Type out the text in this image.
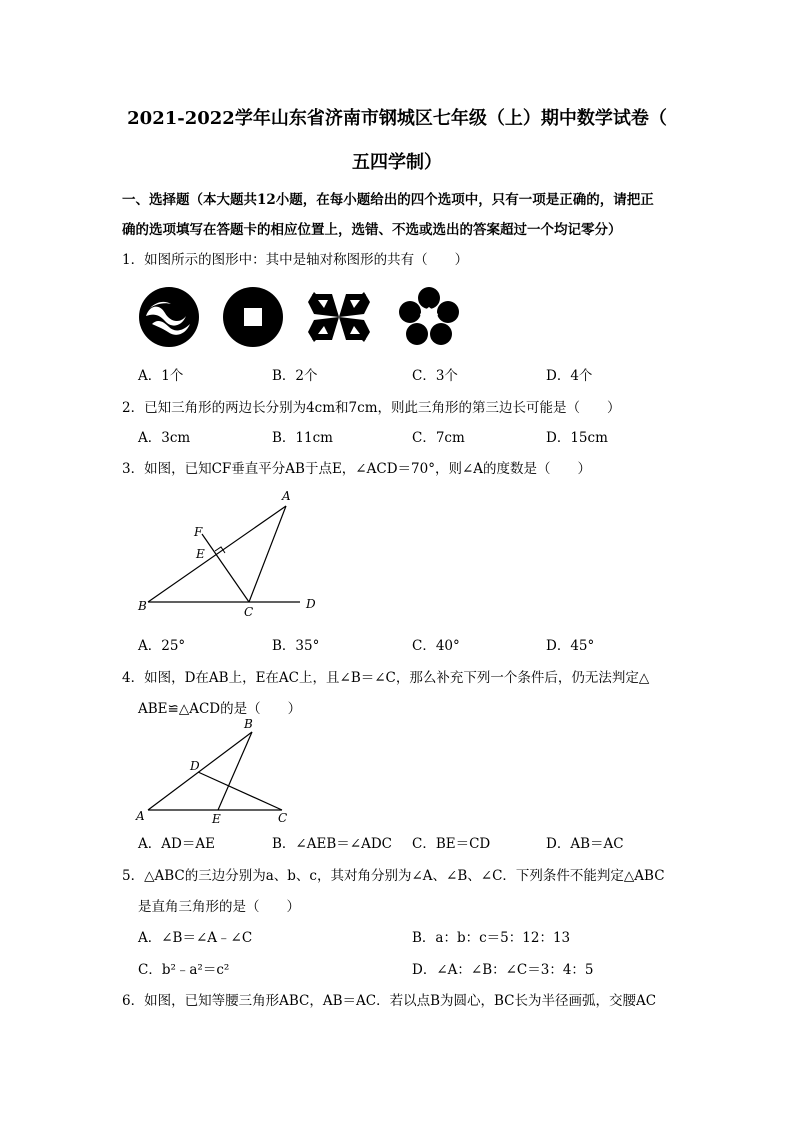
2021-2022学年山东省济南市钢城区七年级（上）期中数学试卷（
五四学制）
一、选择题（本大题共12小题，在每小题给出的四个选项中，只有一项是正确的，请把正
确的选项填写在答题卡的相应位置上，选错、不选或选出的答案超过一个均记零分）
1．如图所示的图形中：其中是轴对称图形的共有（　　）
A．1个	B．2个	C．3个	D．4个
2．已知三角形的两边长分别为4cm和7cm，则此三角形的第三边长可能是（　　）
A．3cm	B．11cm	C．7cm	D．15cm
3．如图，已知CF垂直平分AB于点E，∠ACD＝70°，则∠A的度数是（　　）
A
B	C
D
E
F
A．25°	B．35°	C．40°	D．45°
4．如图，D在AB上，E在AC上，且∠B＝∠C，那么补充下列一个条件后，仍无法判定△
ABE≌△ACD的是（　　）
B
D
A	E	C
A．AD＝AE	B．∠AEB＝∠ADC C．BE＝CD	D．AB＝AC
5．△ABC的三边分别为a、b、c，其对角分别为∠A、∠B、∠C．下列条件不能判定△ABC
是直角三角形的是（　　）
A．∠B＝∠A﹣∠C	B．a：b：c＝5：12：13
C．b²﹣a²＝c²	D．∠A：∠B：∠C＝3：4：5
6．如图，已知等腰三角形ABC，AB＝AC．若以点B为圆心，BC长为半径画弧，交腰AC
